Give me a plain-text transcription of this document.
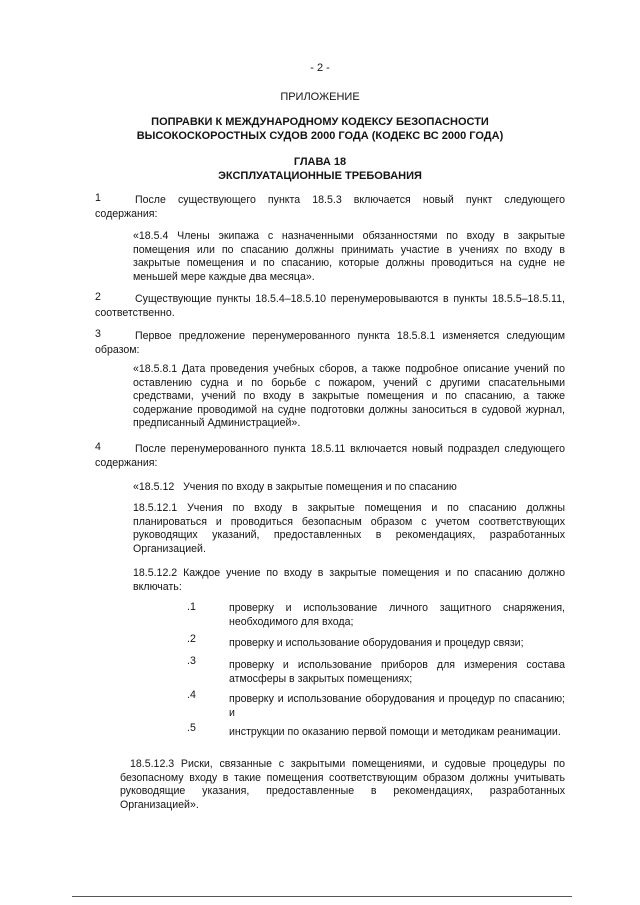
- 2 -
ПРИЛОЖЕНИЕ
ПОПРАВКИ К МЕЖДУНАРОДНОМУ КОДЕКСУ БЕЗОПАСНОСТИ ВЫСОКОСКОРОСТНЫХ СУДОВ 2000 ГОДА (КОДЕКС ВС 2000 ГОДА)
ГЛАВА 18
ЭКСПЛУАТАЦИОННЫЕ ТРЕБОВАНИЯ
1	После существующего пункта 18.5.3 включается новый пункт следующего содержания:
«18.5.4 Члены экипажа с назначенными обязанностями по входу в закрытые помещения или по спасанию должны принимать участие в учениях по входу в закрытые помещения и по спасанию, которые должны проводиться на судне не меньшей мере каждые два месяца».
2	Существующие пункты 18.5.4–18.5.10 перенумеровываются в пункты 18.5.5–18.5.11, соответственно.
3	Первое предложение перенумерованного пункта 18.5.8.1 изменяется следующим образом:
«18.5.8.1 Дата проведения учебных сборов, а также подробное описание учений по оставлению судна и по борьбе с пожаром, учений с другими спасательными средствами, учений по входу в закрытые помещения и по спасанию, а также содержание проводимой на судне подготовки должны заноситься в судовой журнал, предписанный Администрацией».
4	После перенумерованного пункта 18.5.11 включается новый подраздел следующего содержания:
«18.5.12   Учения по входу в закрытые помещения и по спасанию
18.5.12.1 Учения по входу в закрытые помещения и по спасанию должны планироваться и проводиться безопасным образом с учетом соответствующих руководящих указаний, предоставленных в рекомендациях, разработанных Организацией.
18.5.12.2 Каждое учение по входу в закрытые помещения и по спасанию должно включать:
.1	проверку и использование личного защитного снаряжения, необходимого для входа;
.2	проверку и использование оборудования и процедур связи;
.3	проверку и использование приборов для измерения состава атмосферы в закрытых помещениях;
.4	проверку и использование оборудования и процедур по спасанию; и
.5	инструкции по оказанию первой помощи и методикам реанимации.
18.5.12.3 Риски, связанные с закрытыми помещениями, и судовые процедуры по безопасному входу в такие помещения соответствующим образом должны учитывать руководящие указания, предоставленные в рекомендациях, разработанных Организацией».
